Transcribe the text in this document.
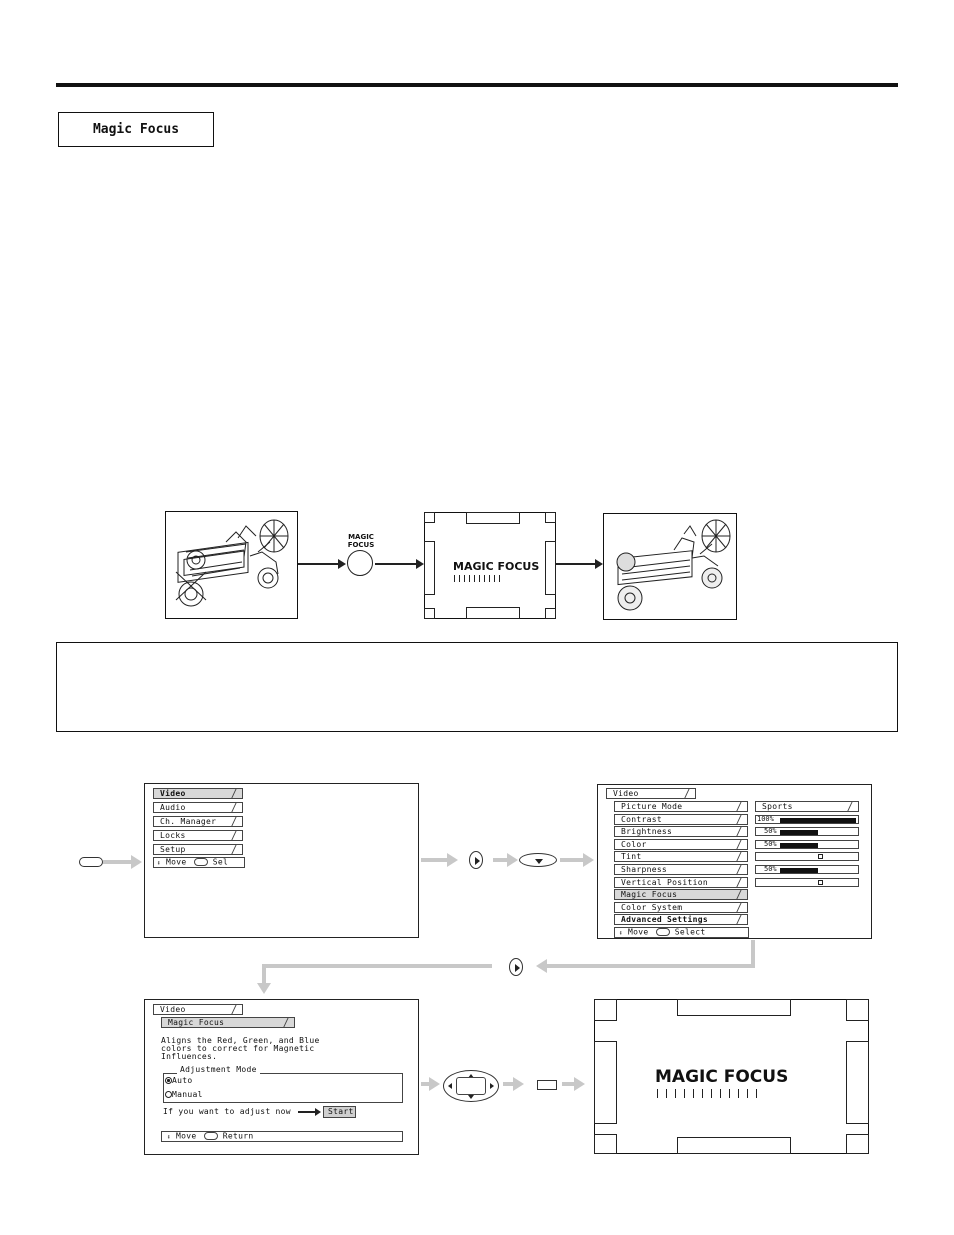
Magic Focus
MAGIC
FOCUS
MAGIC FOCUS
Video
Audio
Ch. Manager
Locks
Setup
↕ Move	Sel
Video
Picture Mode
Contrast
Brightness
Color
Tint
Sharpness
Vertical Position
Magic Focus
Color System
Advanced Settings
↕ Move	Select
Sports
100%
50%
50%
50%
Video
Magic Focus
Aligns the Red, Green, and Blue
colors to correct for Magnetic
Influences.
Adjustment Mode
Auto
Manual
If you want to adjust now	Start
↕ Move	Return
MAGIC FOCUS
